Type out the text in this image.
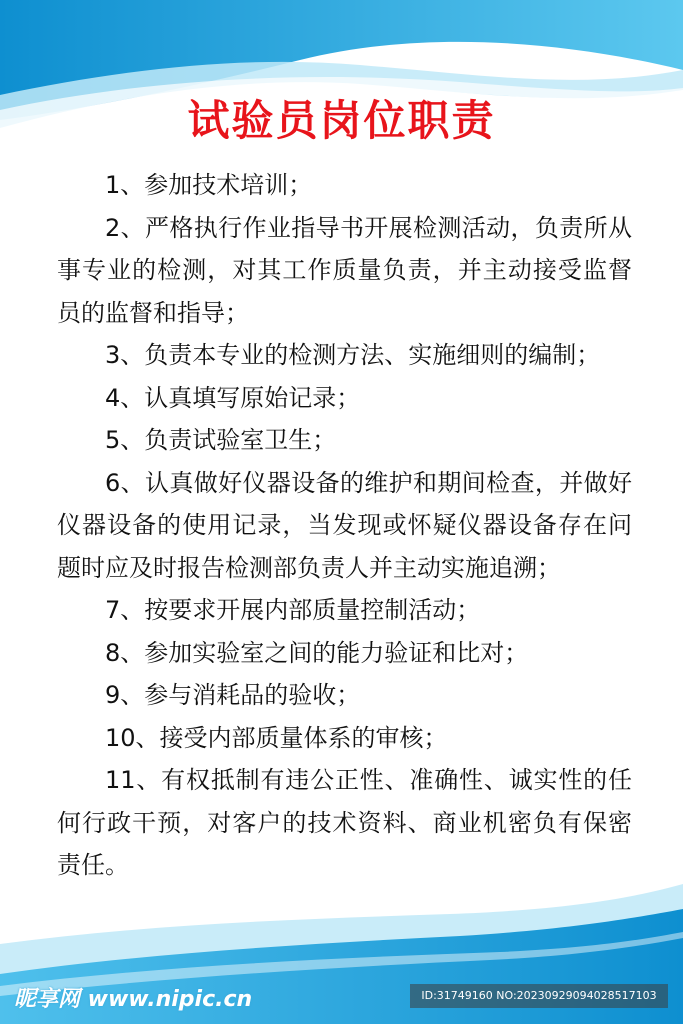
试验员岗位职责

1、参加技术培训；

2、严格执行作业指导书开展检测活动，负责所从事专业的检测，对其工作质量负责，并主动接受监督员的监督和指导；

3、负责本专业的检测方法、实施细则的编制；

4、认真填写原始记录；

5、负责试验室卫生；

6、认真做好仪器设备的维护和期间检查，并做好仪器设备的使用记录，当发现或怀疑仪器设备存在问题时应及时报告检测部负责人并主动实施追溯；

7、按要求开展内部质量控制活动；

8、参加实验室之间的能力验证和比对；

9、参与消耗品的验收；

10、接受内部质量体系的审核；

11、有权抵制有违公正性、准确性、诚实性的任何行政干预，对客户的技术资料、商业机密负有保密责任。

昵享网 www.nipic.cn	ID:31749160 NO:20230929094028517103
